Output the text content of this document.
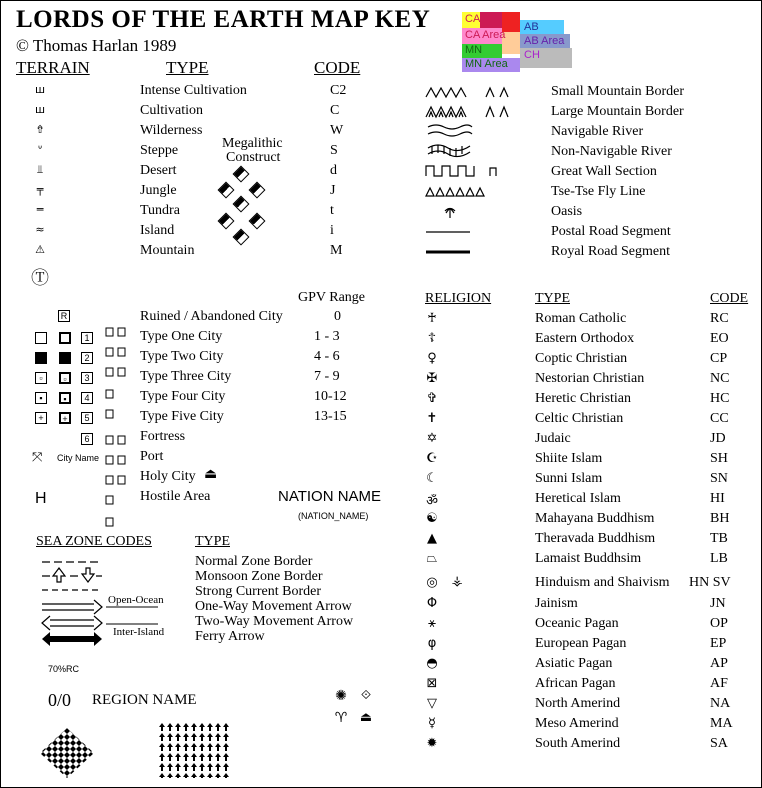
LORDS OF THE EARTH MAP KEY
© Thomas Harlan 1989
CA
CA Area
MN
MN Area
AB
AB Area
CH
TERRAIN	TYPE	CODE
ш	Intense Cultivation	C2
ш	Cultivation	C
⇮	Wilderness	W
ᐡ	Steppe	S
⫫	Desert	d
╤	Jungle	J
═	Tundra	t
≈	Island	i
⚠	Mountain	M
Ⓣ
Megalithic
Construct
Small Mountain Border
Large Mountain Border
Navigable River
Non-Navigable River
Great Wall Section
Tse-Tse Fly Line
Oasis
Postal Road Segment
Royal Road Segment
GPV Range
Ruined / Abandoned City	0
Type One City	1 - 3
Type Two City	4 - 6
Type Three City	7 - 9
Type Four City	10-12
Type Five City	13-15
Fortress
Port
Holy City
Hostile Area
R
1
2
▫	▫	3
▪	▪	4
+	+	5
6
⤧ City Name
H
⏏
NATION NAME
(NATION_NAME)
SEA ZONE CODES	TYPE
Normal Zone Border
Monsoon Zone Border
Strong Current Border
One-Way Movement Arrow
Two-Way Movement Arrow
Ferry Arrow
Open-Ocean
Inter-Island
70%RC
0/0 REGION NAME	✺ ⟐
♈ ⏏
RELIGION	TYPE	CODE
♰	Roman Catholic	RC
☦	Eastern Orthodox	EO
♀	Coptic Christian	CP
✠	Nestorian Christian	NC
✞	Heretic Christian	HC
✝	Celtic Christian	CC
✡	Judaic	JD
☪	Shiite Islam	SH
☾	Sunni Islam	SN
ॐ	Heretical Islam	HI
☯	Mahayana Buddhism	BH
▲	Theravada Buddhism	TB
⏢	Lamaist Buddhsim	LB
◎	Hinduism and Shaivism HN SV
Φ	Jainism	JN
⚹	Oceanic Pagan	OP
φ	European Pagan	EP
◓	Asiatic Pagan	AP
⊠	African Pagan	AF
▽	North Amerind	NA
☿	Meso Amerind	MA
✹	South Amerind	SA
⚶
